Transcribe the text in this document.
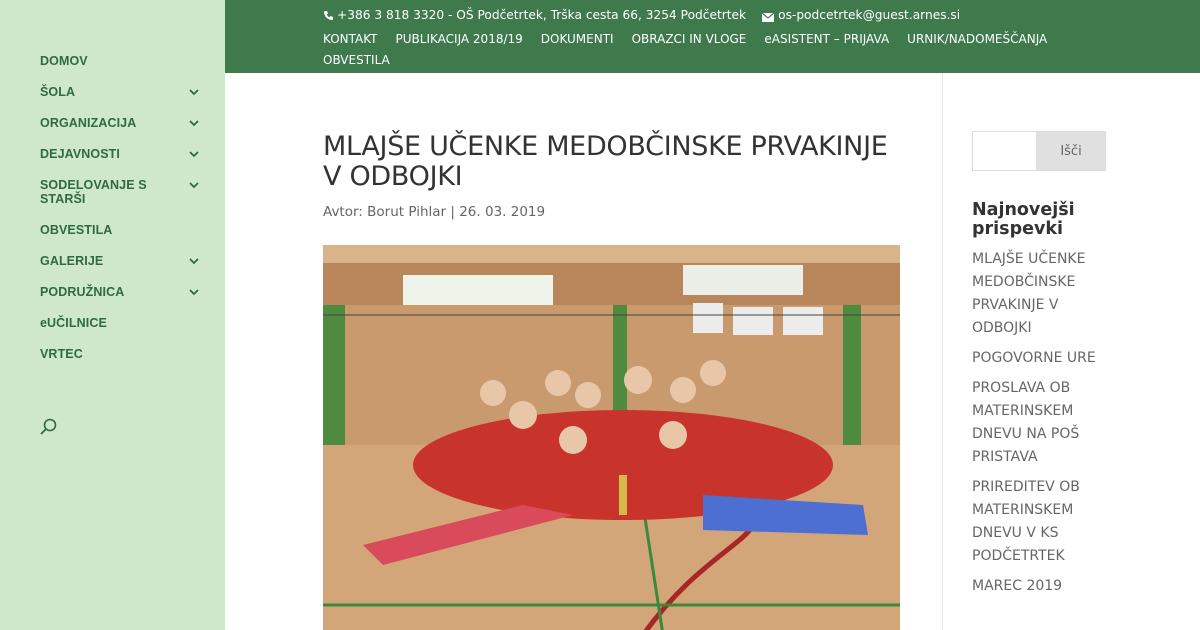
DOMOV
ŠOLA
ORGANIZACIJA
DEJAVNOSTI
SODELOVANJE S STARŠI
OBVESTILA
GALERIJE
PODRUŽNICA
eUČILNICE
VRTEC
+386 3 818 3320 - OŠ Podčetrtek, Trška cesta 66, 3254 Podčetrtek	os-podcetrtek@guest.arnes.si
KONTAKT PUBLIKACIJA 2018/19 DOKUMENTI OBRAZCI IN VLOGE eASISTENT – PRIJAVA URNIK/NADOMEŠČANJA
OBVESTILA
MLAJŠE UČENKE MEDOBČINSKE PRVAKINJE V ODBOJKI

Avtor: Borut Pihlar | 26. 03. 2019

Išči
Najnovejši prispevki
MLAJŠE UČENKE MEDOBČINSKE PRVAKINJE V ODBOJKI
POGOVORNE URE
PROSLAVA OB MATERINSKEM DNEVU NA POŠ PRISTAVA
PRIREDITEV OB MATERINSKEM DNEVU V KS PODČETRTEK
MAREC 2019
